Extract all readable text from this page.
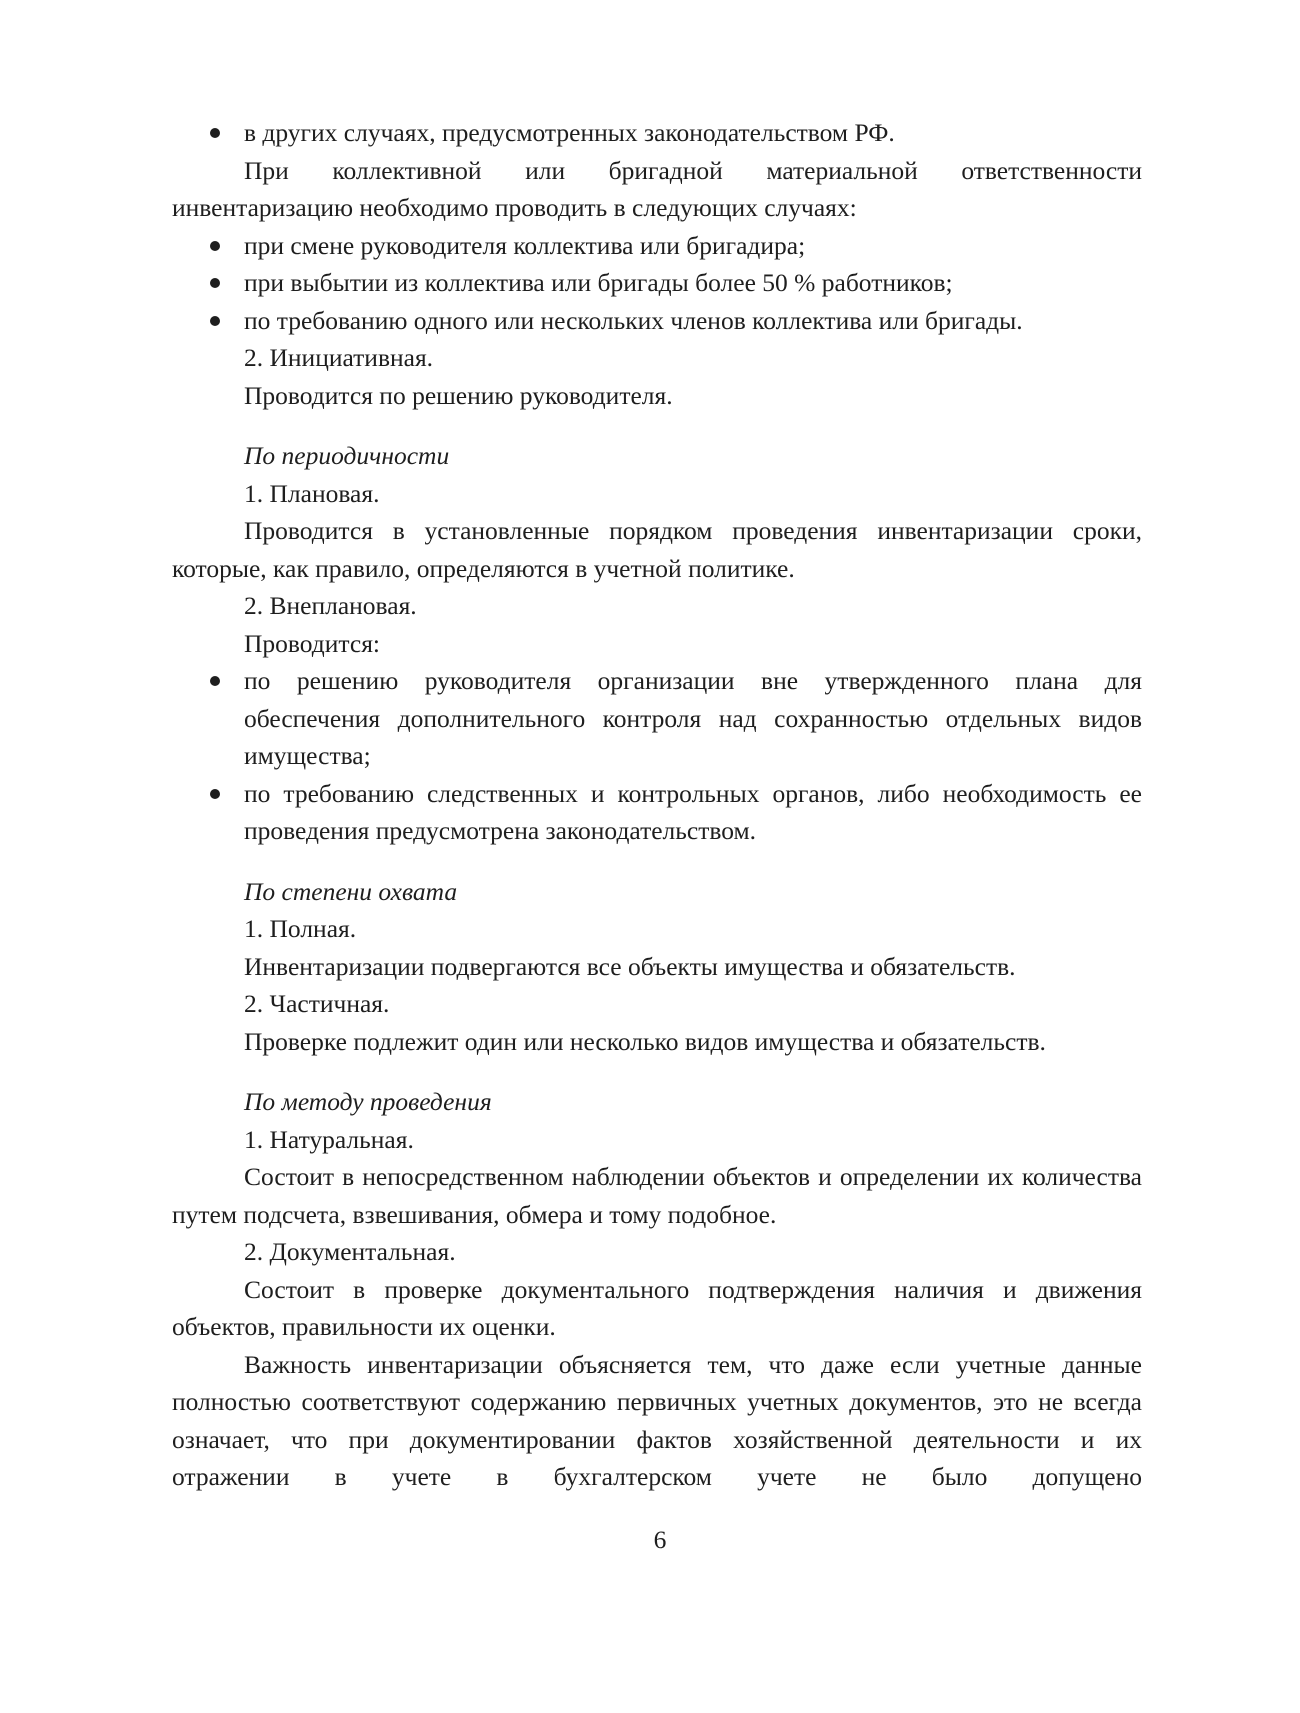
в других случаях, предусмотренных законодательством РФ.

При коллективной или бригадной материальной ответственности инвентаризацию необходимо проводить в следующих случаях:

при смене руководителя коллектива или бригадира;
при выбытии из коллектива или бригады более 50 % работников;
по требованию одного или нескольких членов коллектива или бригады.

2. Инициативная.

Проводится по решению руководителя.

По периодичности

1. Плановая.

Проводится в установленные порядком проведения инвентаризации сроки, которые, как правило, определяются в учетной политике.

2. Внеплановая.

Проводится:

по решению руководителя организации вне утвержденного плана для обеспечения дополнительного контроля над сохранностью отдельных видов имущества;
по требованию следственных и контрольных органов, либо необходимость ее проведения предусмотрена законодательством.

По степени охвата

1. Полная.

Инвентаризации подвергаются все объекты имущества и обязательств.

2. Частичная.

Проверке подлежит один или несколько видов имущества и обязательств.

По методу проведения

1. Натуральная.

Состоит в непосредственном наблюдении объектов и определении их количества путем подсчета, взвешивания, обмера и тому подобное.

2. Документальная.

Состоит в проверке документального подтверждения наличия и движения объектов, правильности их оценки.

Важность инвентаризации объясняется тем, что даже если учетные данные полностью соответствуют содержанию первичных учетных документов, это не всегда означает, что при документировании фактов хозяйственной деятельности и их отражении в учете в бухгалтерском учете не было допущено

6
